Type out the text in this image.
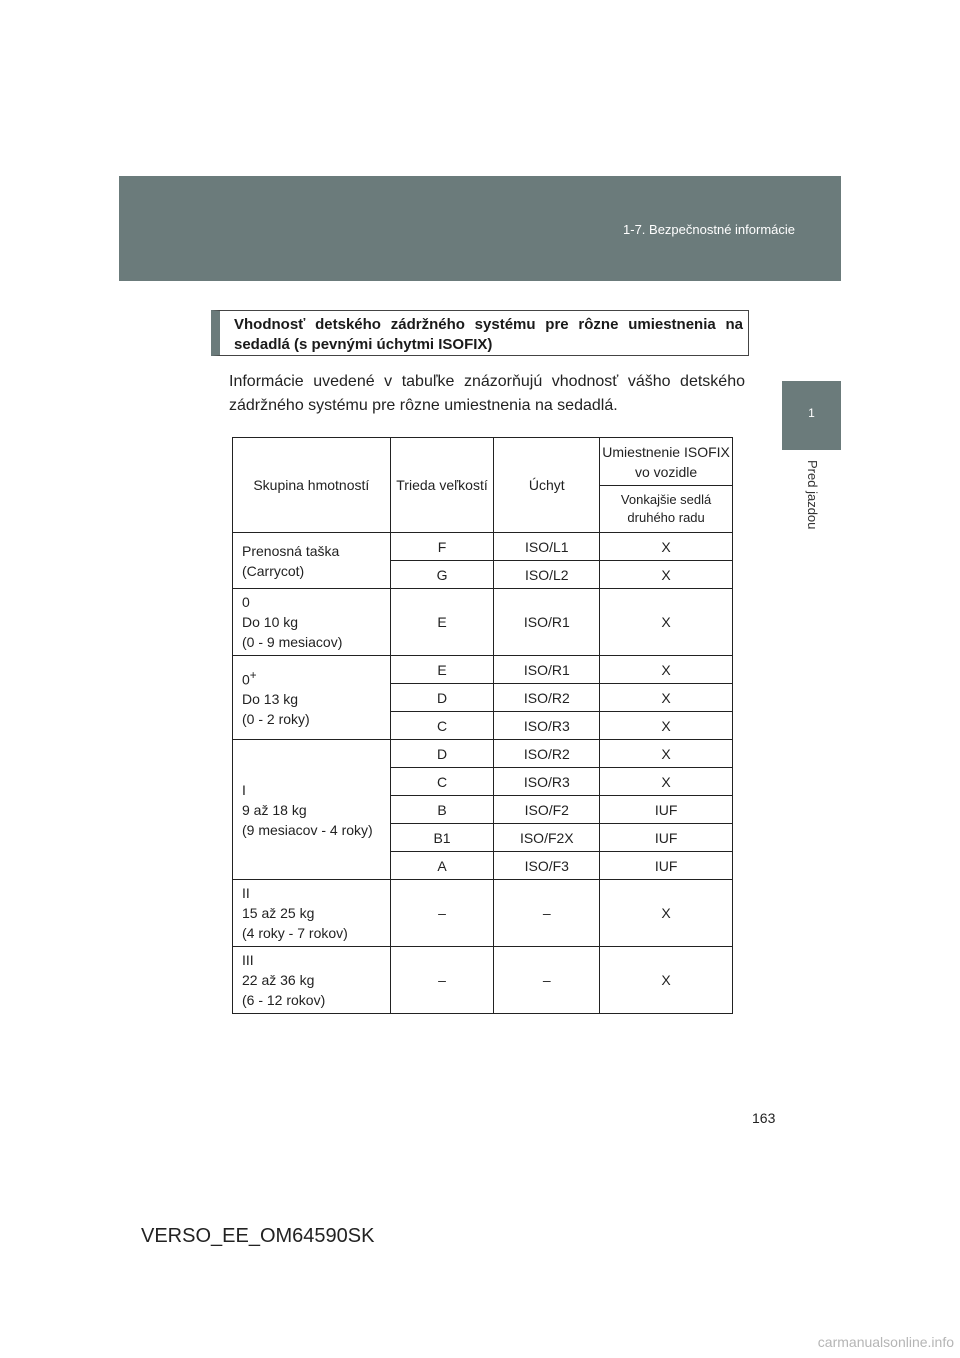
1-7. Bezpečnostné informácie
1
Pred jazdou
Vhodnosť detského zádržného systému pre rôzne umiestnenia na sedadlá (s pevnými úchytmi ISOFIX)
Informácie uvedené v tabuľke znázorňujú vhodnosť vášho detského zádržného systému pre rôzne umiestnenia na sedadlá.
Skupina hmotností	Trieda veľkostí	Úchyt	Umiestnenie ISOFIX vo vozidle
			Vonkajšie sedlá druhého radu
Prenosná taška (Carrycot)	F	ISO/L1	X
	G	ISO/L2	X
0
Do 10 kg
(0 - 9 mesiacov)	E	ISO/R1	X
0+
Do 13 kg
(0 - 2 roky)	E	ISO/R1	X
	D	ISO/R2	X
	C	ISO/R3	X
I
9 až 18 kg
(9 mesiacov - 4 roky)	D	ISO/R2	X
	C	ISO/R3	X
	B	ISO/F2	IUF
	B1	ISO/F2X	IUF
	A	ISO/F3	IUF
II
15 až 25 kg
(4 roky - 7 rokov)	–	–	X
III
22 až 36 kg
(6 - 12 rokov)	–	–	X
163
VERSO_EE_OM64590SK
carmanualsonline.info
